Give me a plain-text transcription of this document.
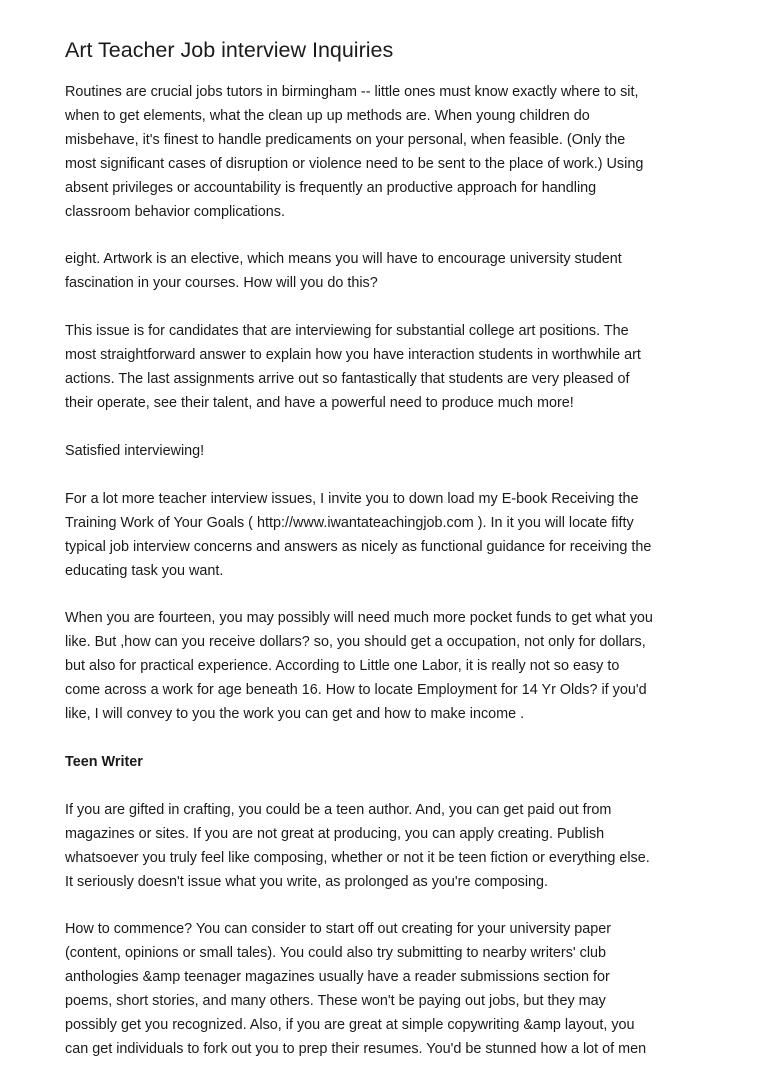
Art Teacher Job interview Inquiries
Routines are crucial jobs tutors in birmingham -- little ones must know exactly where to sit,
when to get elements, what the clean up up methods are. When young children do
misbehave, it's finest to handle predicaments on your personal, when feasible. (Only the
most significant cases of disruption or violence need to be sent to the place of work.) Using
absent privileges or accountability is frequently an productive approach for handling
classroom behavior complications.
eight. Artwork is an elective, which means you will have to encourage university student
fascination in your courses. How will you do this?
This issue is for candidates that are interviewing for substantial college art positions. The
most straightforward answer to explain how you have interaction students in worthwhile art
actions. The last assignments arrive out so fantastically that students are very pleased of
their operate, see their talent, and have a powerful need to produce much more!
Satisfied interviewing!
For a lot more teacher interview issues, I invite you to down load my E-book Receiving the
Training Work of Your Goals ( http://www.iwantateachingjob.com ). In it you will locate fifty
typical job interview concerns and answers as nicely as functional guidance for receiving the
educating task you want.
When you are fourteen, you may possibly will need much more pocket funds to get what you
like. But ,how can you receive dollars? so, you should get a occupation, not only for dollars,
but also for practical experience. According to Little one Labor, it is really not so easy to
come across a work for age beneath 16. How to locate Employment for 14 Yr Olds? if you'd
like, I will convey to you the work you can get and how to make income .
Teen Writer
If you are gifted in crafting, you could be a teen author. And, you can get paid out from
magazines or sites. If you are not great at producing, you can apply creating. Publish
whatsoever you truly feel like composing, whether or not it be teen fiction or everything else.
It seriously doesn't issue what you write, as prolonged as you're composing.
How to commence? You can consider to start off out creating for your university paper
(content, opinions or small tales). You could also try submitting to nearby writers' club
anthologies &amp teenager magazines usually have a reader submissions section for
poems, short stories, and many others. These won't be paying out jobs, but they may
possibly get you recognized. Also, if you are great at simple copywriting &amp layout, you
can get individuals to fork out you to prep their resumes. You'd be stunned how a lot of men
